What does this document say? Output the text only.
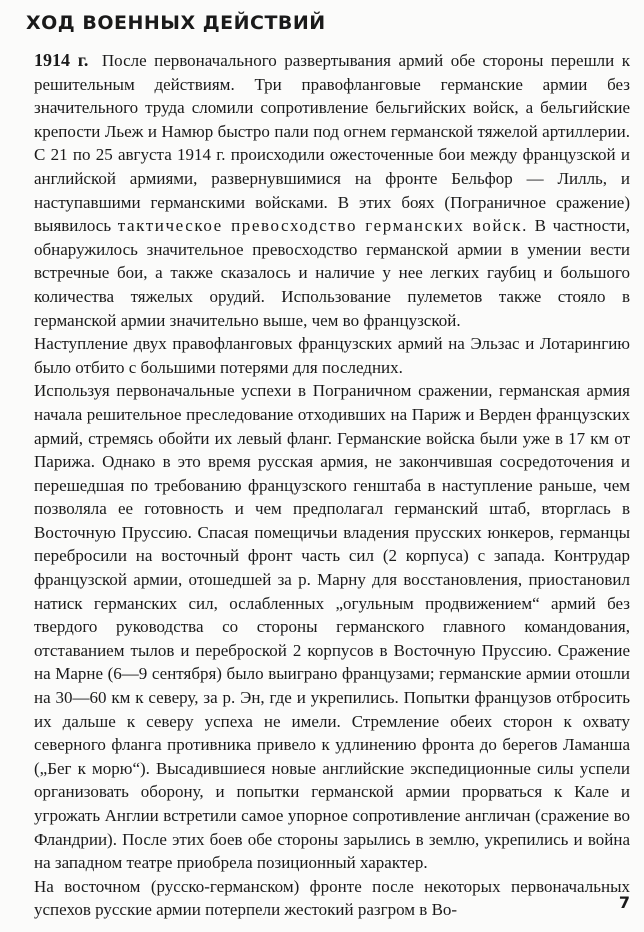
ХОД ВОЕННЫХ ДЕЙСТВИЙ

1914 г. После первоначального развертывания армий обе стороны перешли к решительным действиям. Три правофланговые германские армии без значительного труда сломили сопротивление бельгийских войск, а бельгийские крепости Льеж и Намюр быстро пали под огнем германской тяжелой артиллерии. С 21 по 25 августа 1914 г. происходили ожесточенные бои между французской и английской армиями, развернувшимися на фронте Бельфор — Лилль, и наступавшими германскими войсками. В этих боях (Пограничное сражение) выявилось тактическое превосходство германских войск. В частности, обнаружилось значительное превосходство германской армии в умении вести встречные бои, а также сказалось и наличие у нее легких гаубиц и большого количества тяжелых орудий. Использование пулеметов также стояло в германской армии значительно выше, чем во французской.

Наступление двух правофланговых французских армий на Эльзас и Лотарингию было отбито с большими потерями для последних.

Используя первоначальные успехи в Пограничном сражении, германская армия начала решительное преследование отходивших на Париж и Верден французских армий, стремясь обойти их левый фланг. Германские войска были уже в 17 км от Парижа. Однако в это время русская армия, не закончившая сосредоточения и перешедшая по требованию французского генштаба в наступление раньше, чем позволяла ее готовность и чем предполагал германский штаб, вторглась в Восточную Пруссию. Спасая помещичьи владения прусских юнкеров, германцы перебросили на восточный фронт часть сил (2 корпуса) с запада. Контрудар французской армии, отошедшей за р. Марну для восстановления, приостановил натиск германских сил, ослабленных „огульным продвижением“ армий без твердого руководства со стороны германского главного командования, отставанием тылов и переброской 2 корпусов в Восточную Пруссию. Сражение на Марне (6—9 сентября) было выиграно французами; германские армии отошли на 30—60 км к северу, за р. Эн, где и укрепились. Попытки французов отбросить их дальше к северу успеха не имели. Стремление обеих сторон к охвату северного фланга противника привело к удлинению фронта до берегов Ламанша („Бег к морю“). Высадившиеся новые английские экспедиционные силы успели организовать оборону, и попытки германской армии прорваться к Кале и угрожать Англии встретили самое упорное сопротивление англичан (сражение во Фландрии). После этих боев обе стороны зарылись в землю, укрепились и война на западном театре приобрела позиционный характер.

На восточном (русско-германском) фронте после некоторых первоначальных успехов русские армии потерпели жестокий разгром в Во-	7
